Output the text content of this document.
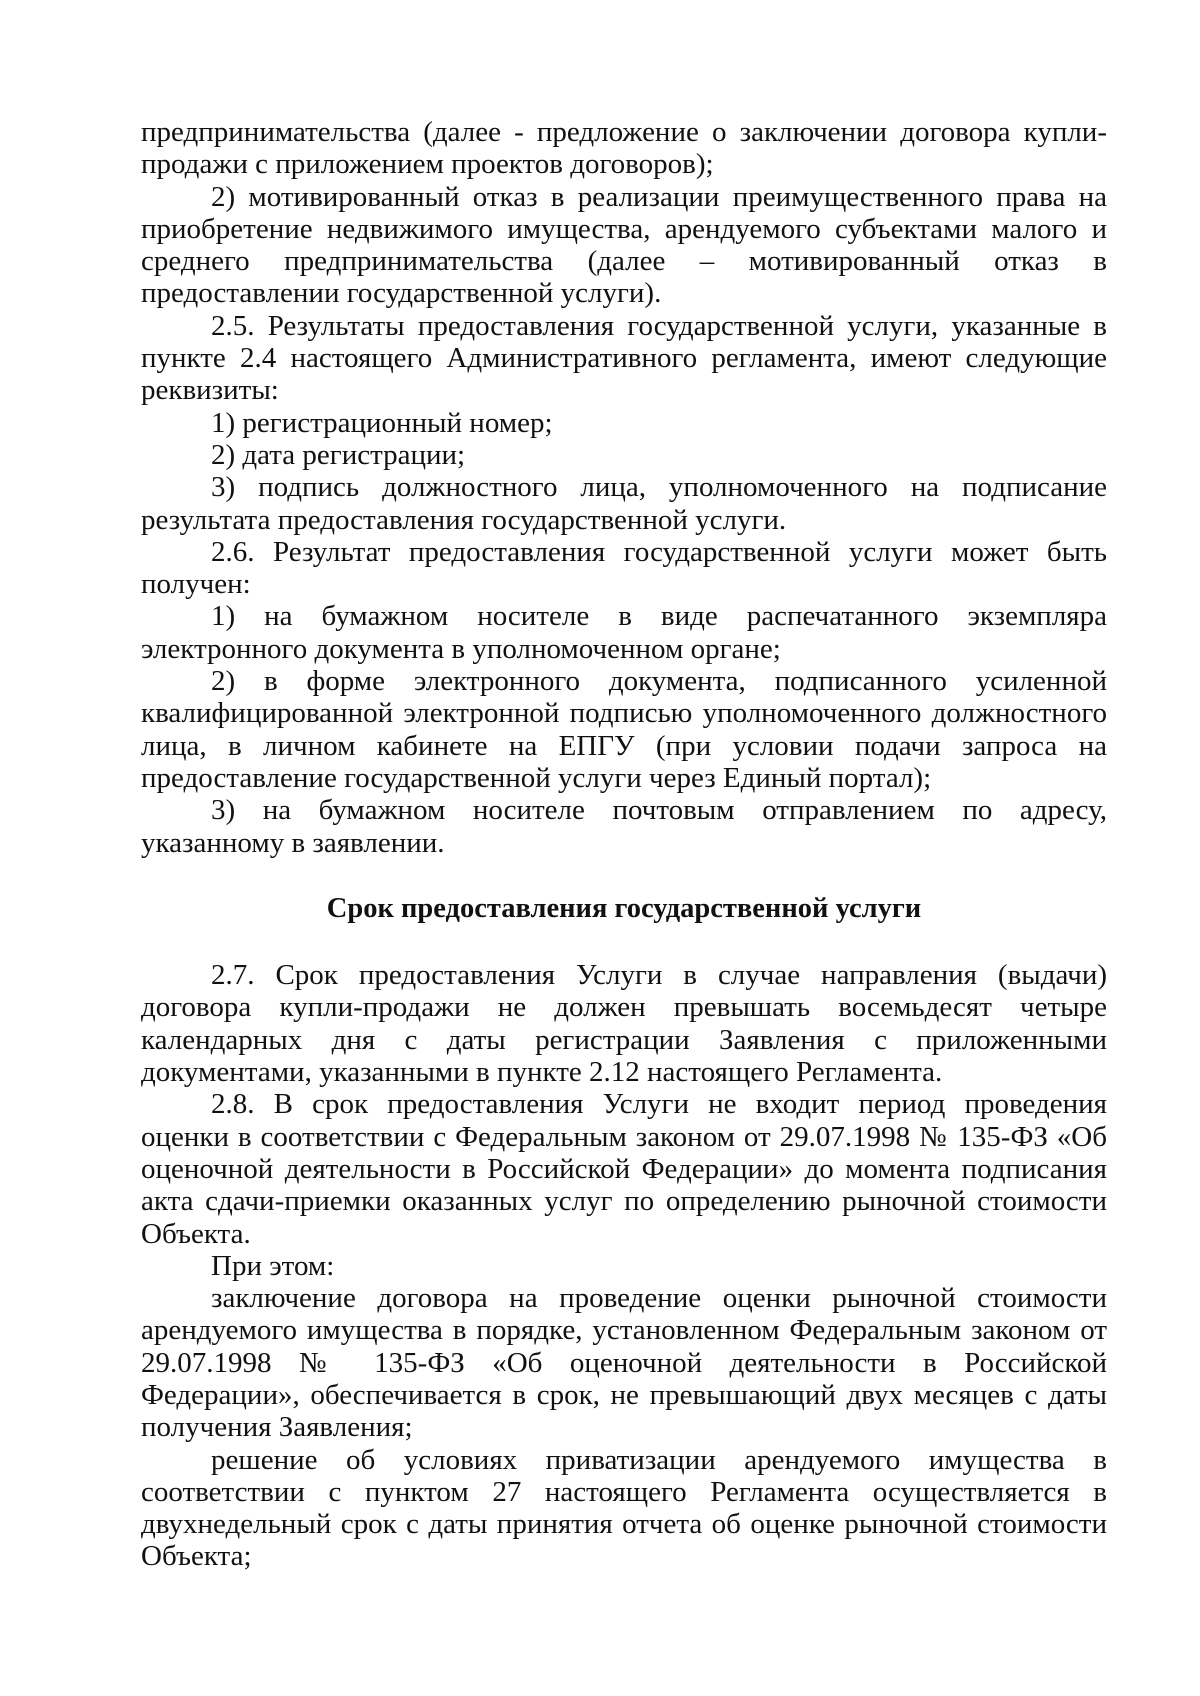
предпринимательства (далее - предложение о заключении договора купли-продажи с приложением проектов договоров);

2) мотивированный отказ в реализации преимущественного права на приобретение недвижимого имущества, арендуемого субъектами малого и среднего предпринимательства (далее – мотивированный отказ в предоставлении государственной услуги).

2.5. Результаты предоставления государственной услуги, указанные в пункте 2.4 настоящего Административного регламента, имеют следующие реквизиты:

1) регистрационный номер;

2) дата регистрации;

3) подпись должностного лица, уполномоченного на подписание результата предоставления государственной услуги.

2.6. Результат предоставления государственной услуги может быть получен:

1) на бумажном носителе в виде распечатанного экземпляра электронного документа в уполномоченном органе;

2) в форме электронного документа, подписанного усиленной квалифицированной электронной подписью уполномоченного должностного лица, в личном кабинете на ЕПГУ (при условии подачи запроса на предоставление государственной услуги через Единый портал);

3) на бумажном носителе почтовым отправлением по адресу, указанному в заявлении.

Срок предоставления государственной услуги

2.7. Срок предоставления Услуги в случае направления (выдачи) договора купли-продажи не должен превышать восемьдесят четыре календарных дня с даты регистрации Заявления с приложенными документами, указанными в пункте 2.12 настоящего Регламента.

2.8. В срок предоставления Услуги не входит период проведения оценки в соответствии с Федеральным законом от 29.07.1998 № 135-ФЗ «Об оценочной деятельности в Российской Федерации» до момента подписания акта сдачи-приемки оказанных услуг по определению рыночной стоимости Объекта.

При этом:

заключение договора на проведение оценки рыночной стоимости арендуемого имущества в порядке, установленном Федеральным законом от 29.07.1998 № 135-ФЗ «Об оценочной деятельности в Российской Федерации», обеспечивается в срок, не превышающий двух месяцев с даты получения Заявления;

решение об условиях приватизации арендуемого имущества в соответствии с пунктом 27 настоящего Регламента осуществляется в двухнедельный срок с даты принятия отчета об оценке рыночной стоимости Объекта;
